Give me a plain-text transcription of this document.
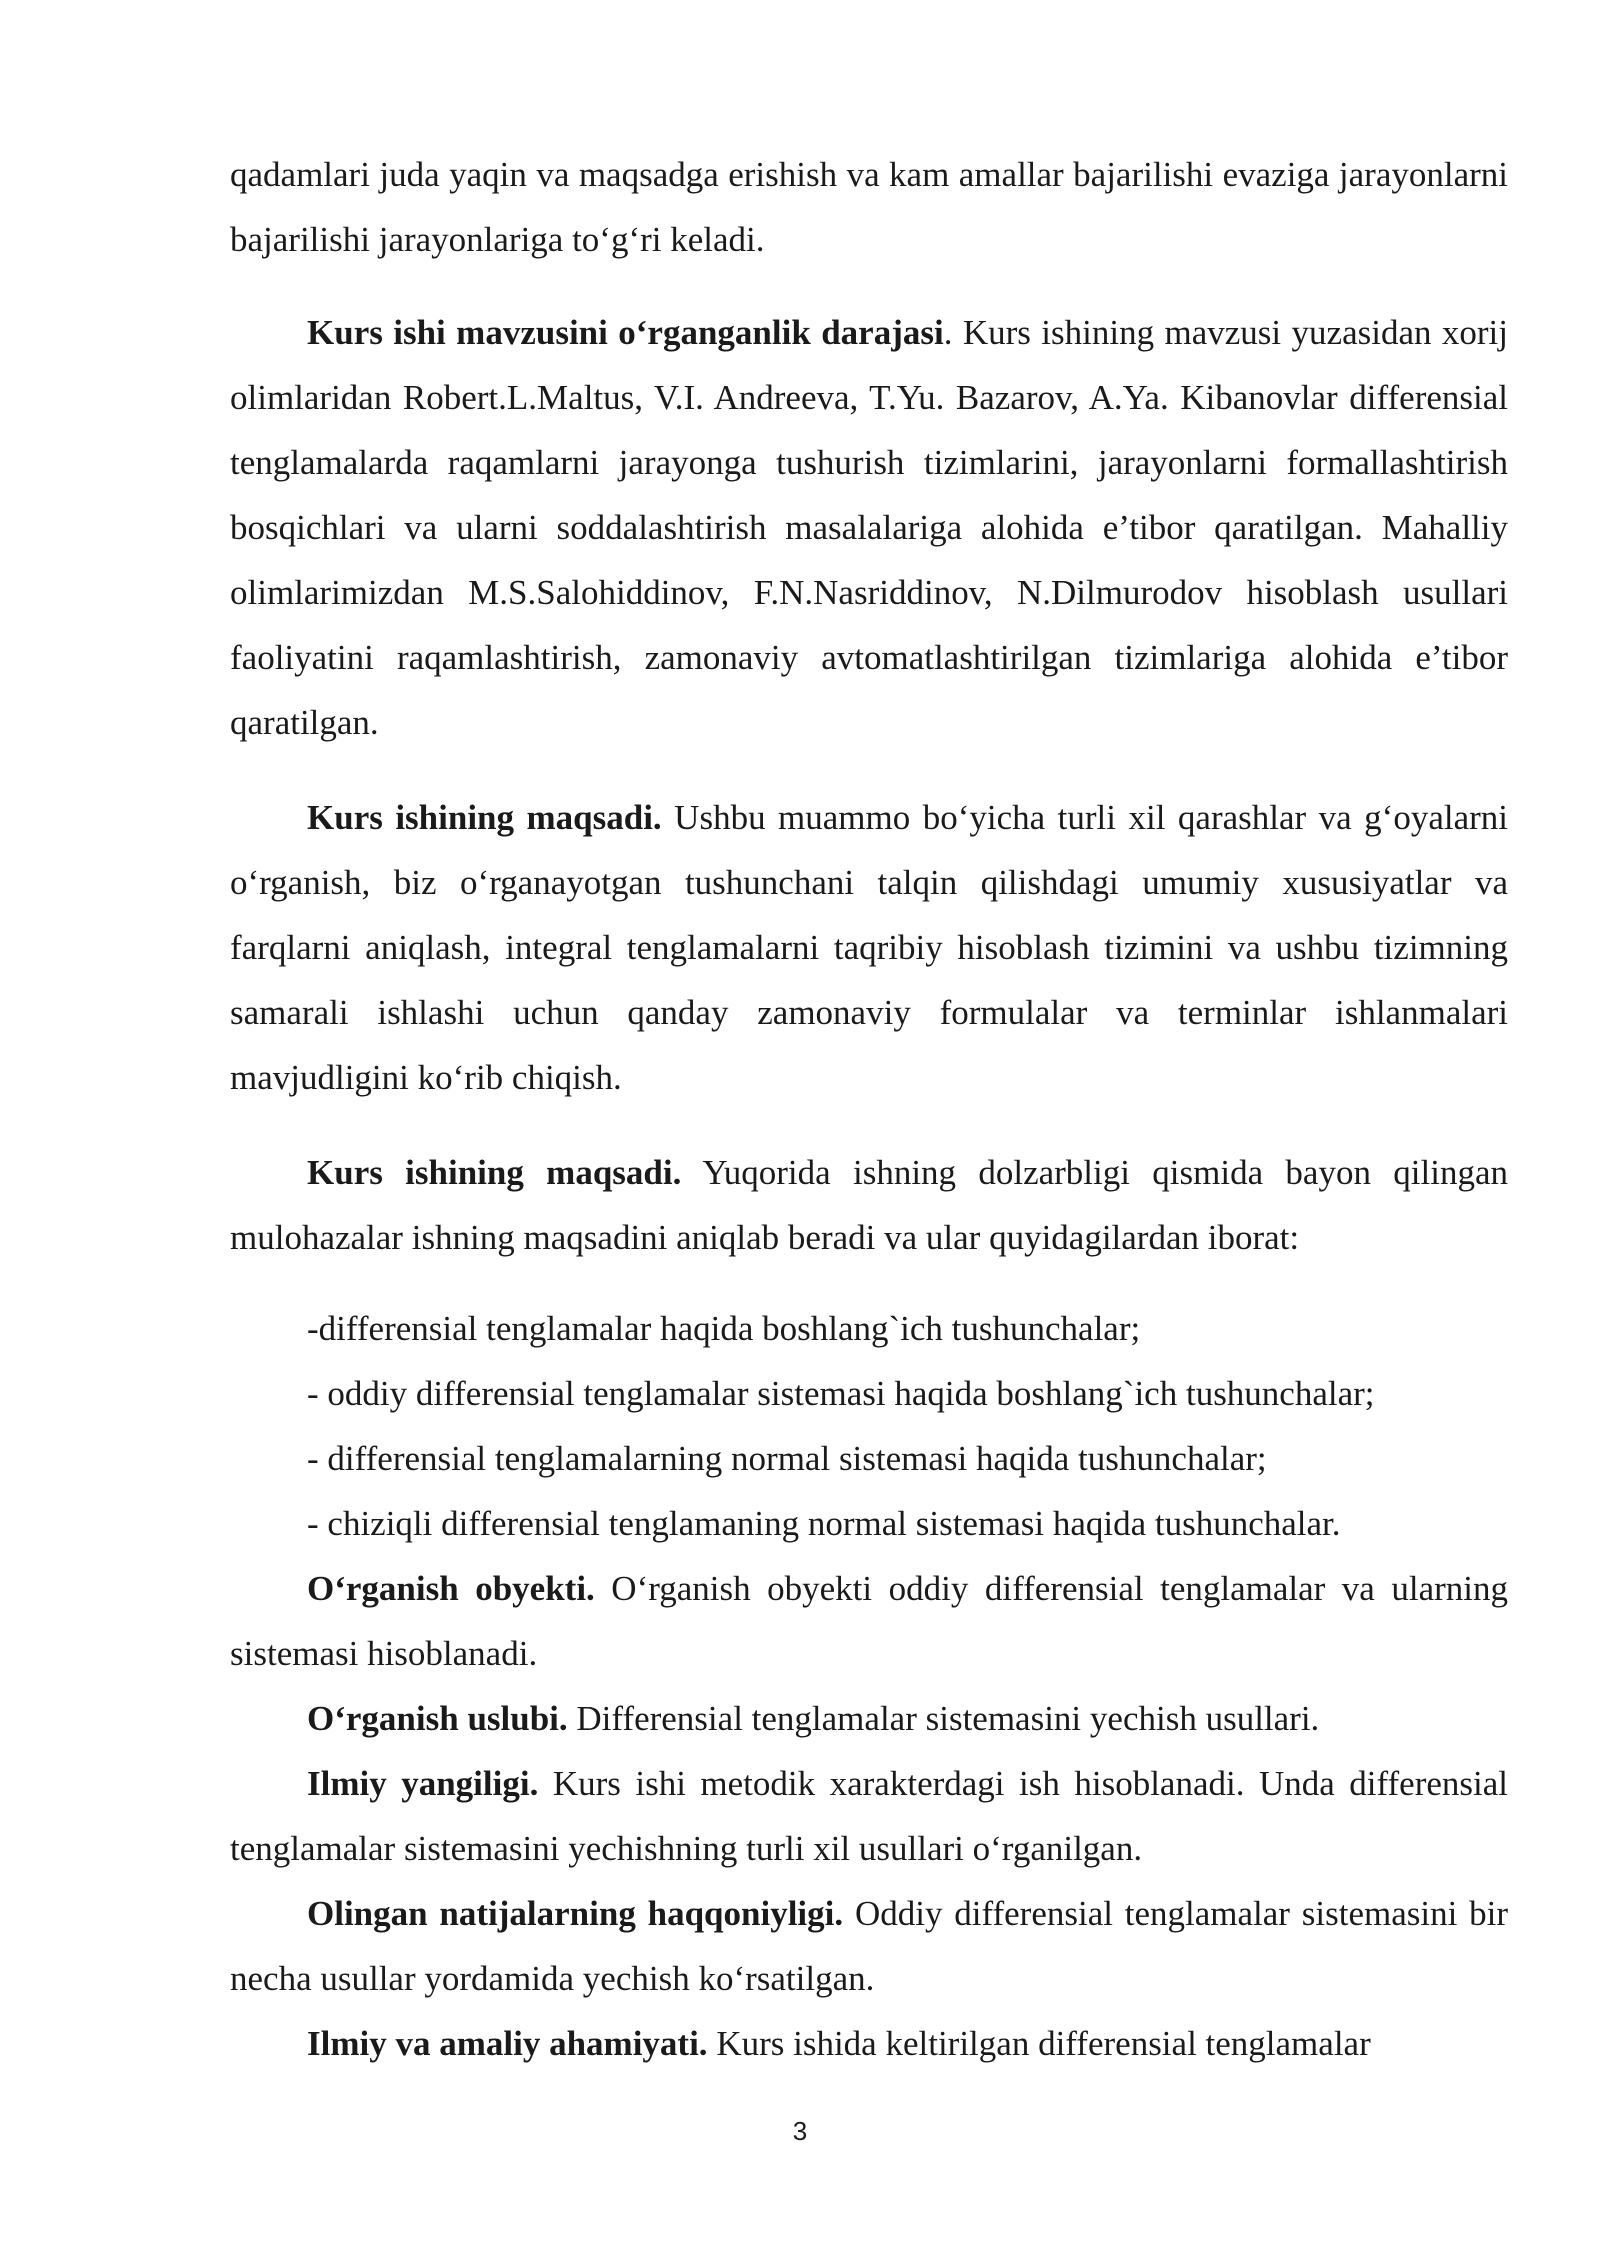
qadamlari juda yaqin va maqsadga erishish va kam amallar bajarilishi evaziga jarayonlarni bajarilishi jarayonlariga to‘g‘ri keladi.

Kurs ishi mavzusini o‘rganganlik darajasi. Kurs ishining mavzusi yuzasidan xorij olimlaridan Robert.L.Maltus, V.I. Andreeva, T.Yu. Bazarov, A.Ya. Kibanovlar differensial tenglamalarda raqamlarni jarayonga tushurish tizimlarini, jarayonlarni formallashtirish bosqichlari va ularni soddalashtirish masalalariga alohida e’tibor qaratilgan. Mahalliy olimlarimizdan M.S.Salohiddinov, F.N.Nasriddinov, N.Dilmurodov hisoblash usullari faoliyatini raqamlashtirish, zamonaviy avtomatlashtirilgan tizimlariga alohida e’tibor qaratilgan.

Kurs ishining maqsadi. Ushbu muammo bo‘yicha turli xil qarashlar va g‘oyalarni o‘rganish, biz o‘rganayotgan tushunchani talqin qilishdagi umumiy xususiyatlar va farqlarni aniqlash, integral tenglamalarni taqribiy hisoblash tizimini va ushbu tizimning samarali ishlashi uchun qanday zamonaviy formulalar va terminlar ishlanmalari mavjudligini ko‘rib chiqish.

Kurs ishining maqsadi. Yuqorida ishning dolzarbligi qismida bayon qilingan mulohazalar ishning maqsadini aniqlab beradi va ular quyidagilardan iborat:

-differensial tenglamalar haqida boshlang`ich tushunchalar;
- oddiy differensial tenglamalar sistemasi haqida boshlang`ich tushunchalar;
- differensial tenglamalarning normal sistemasi haqida tushunchalar;
- chiziqli differensial tenglamaning normal sistemasi haqida tushunchalar.

O‘rganish obyekti. O‘rganish obyekti oddiy differensial tenglamalar va ularning sistemasi hisoblanadi.

O‘rganish uslubi. Differensial tenglamalar sistemasini yechish usullari.

Ilmiy yangiligi. Kurs ishi metodik xarakterdagi ish hisoblanadi. Unda differensial tenglamalar sistemasini yechishning turli xil usullari o‘rganilgan.

Olingan natijalarning haqqoniyligi. Oddiy differensial tenglamalar sistemasini bir necha usullar yordamida yechish ko‘rsatilgan.

Ilmiy va amaliy ahamiyati. Kurs ishida keltirilgan differensial tenglamalar

3
